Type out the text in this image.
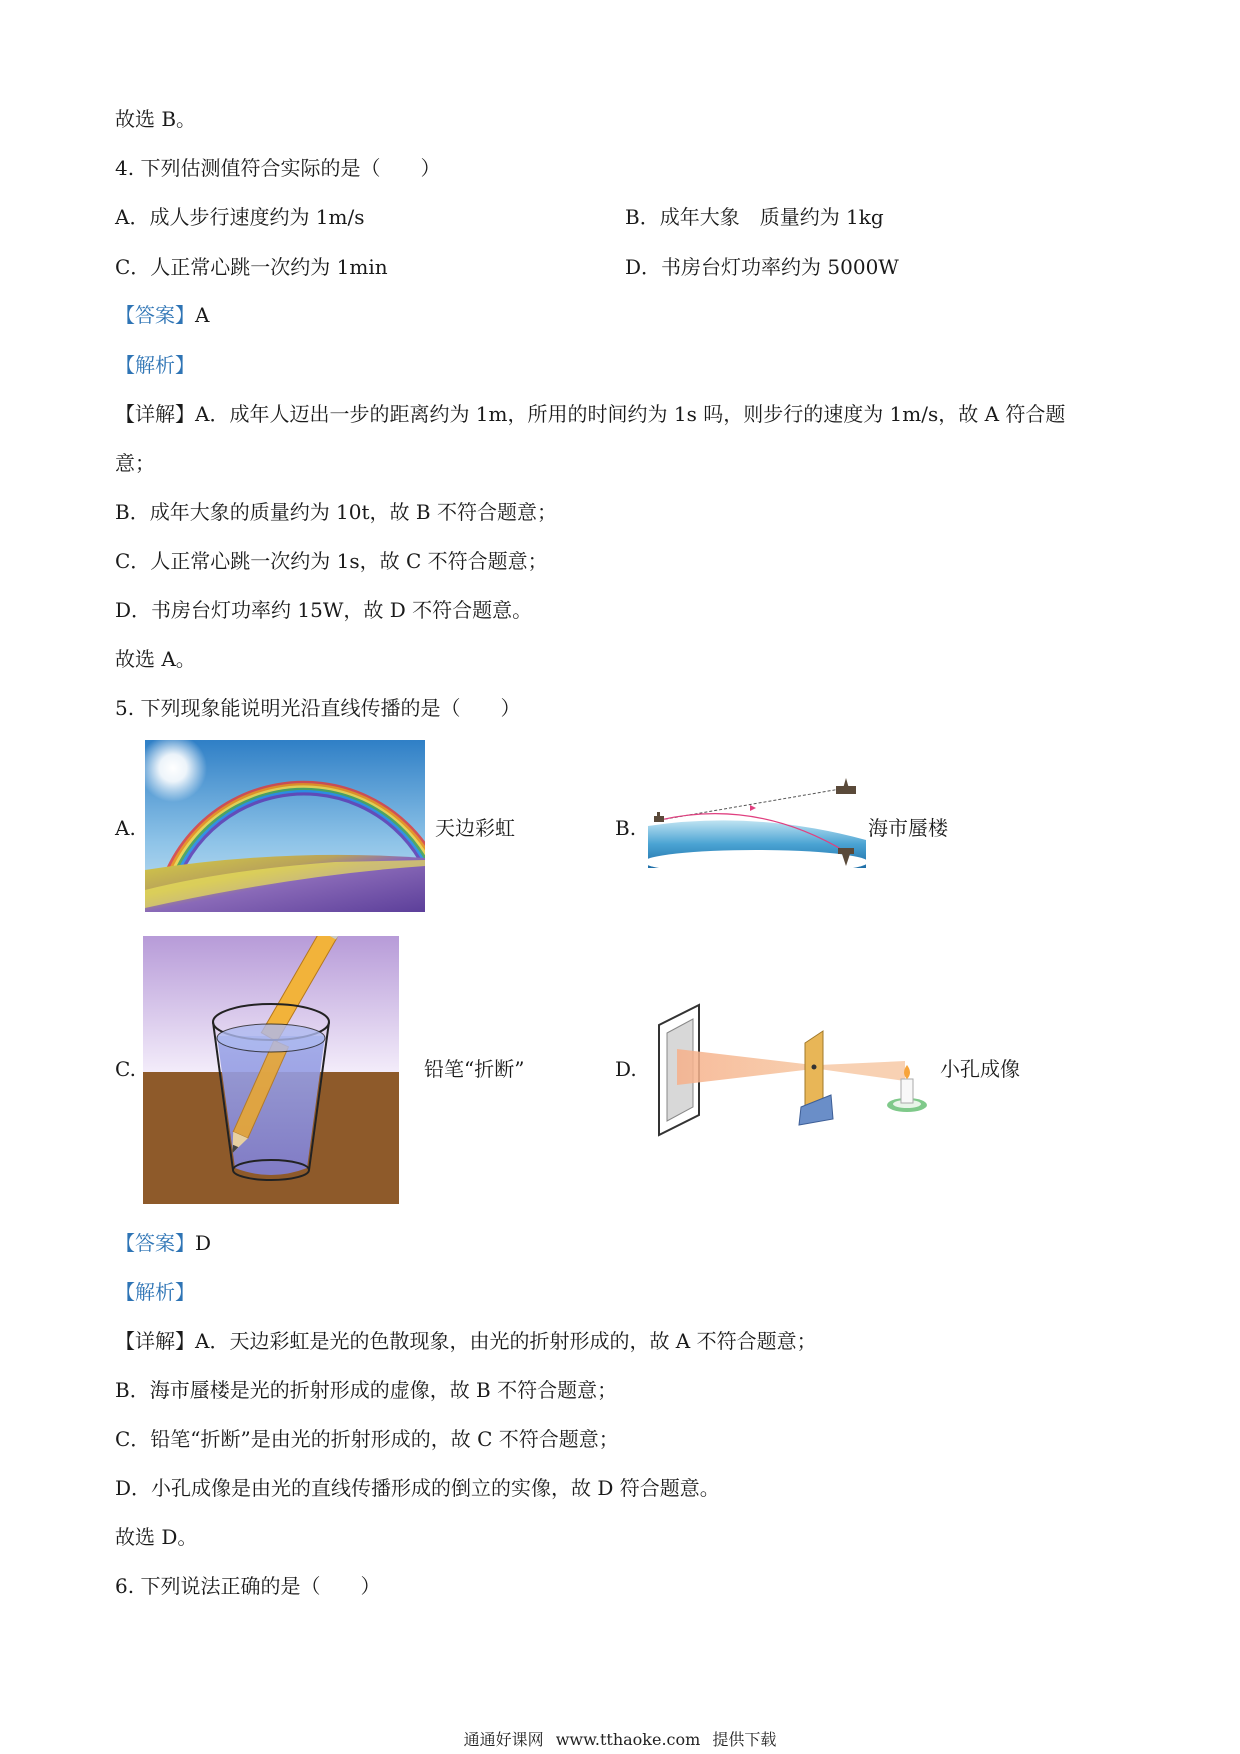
故选 B。
4. 下列估测值符合实际的是（　　）
A．成人步行速度约为 1m/s	B．成年大象　质量约为 1kg
C．人正常心跳一次约为 1min	D．书房台灯功率约为 5000W
【答案】A
【解析】
【详解】A．成年人迈出一步的距离约为 1m，所用的时间约为 1s 吗，则步行的速度为 1m/s，故 A 符合题
意；
B．成年大象的质量约为 10t，故 B 不符合题意；
C．人正常心跳一次约为 1s，故 C 不符合题意；
D．书房台灯功率约 15W，故 D 不符合题意。
故选 A。
5. 下列现象能说明光沿直线传播的是（　　）
A.	天边彩虹	B.	海市蜃楼
C.	铅笔“折断”	D.	小孔成像
【答案】D
【解析】
【详解】A．天边彩虹是光的色散现象，由光的折射形成的，故 A 不符合题意；
B．海市蜃楼是光的折射形成的虚像，故 B 不符合题意；
C．铅笔“折断”是由光的折射形成的，故 C 不符合题意；
D．小孔成像是由光的直线传播形成的倒立的实像，故 D 符合题意。
故选 D。
6. 下列说法正确的是（　　）
通通好课网 www.tthaoke.com 提供下载
